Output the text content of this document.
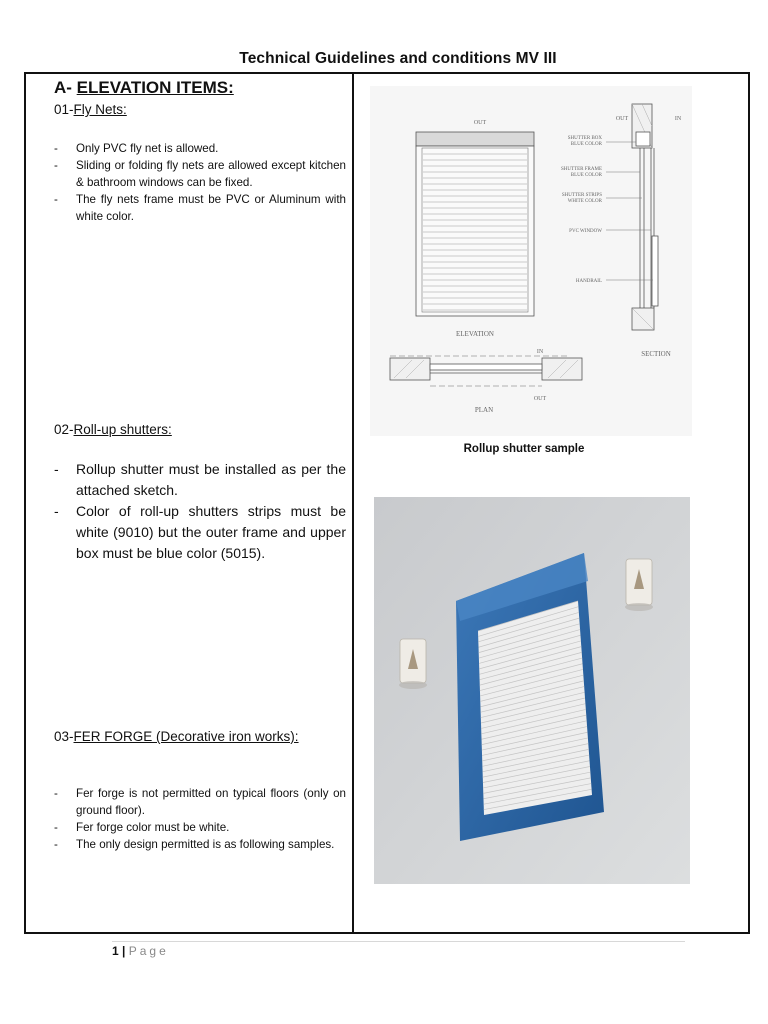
Technical Guidelines and conditions MV III
A- ELEVATION ITEMS:
01-Fly Nets:
- Only PVC fly net is allowed.
- Sliding or folding fly nets are allowed except kitchen & bathroom windows can be fixed.
- The fly nets frame must be PVC or Aluminum with white color.
02-Roll-up shutters:
- Rollup shutter must be installed as per the attached sketch.
- Color of roll-up shutters strips must be white (9010) but the outer frame and upper box must be blue color (5015).
03-FER FORGE (Decorative iron works):
- Fer forge is not permitted on typical floors (only on ground floor).
- Fer forge color must be white.
- The only design permitted is as following samples.
OUT
ELEVATION
OUT	IN
SHUTTER BOX
BLUE COLOR
SHUTTER FRAME
BLUE COLOR
SHUTTER STRIPS
WHITE COLOR
PVC WINDOW
HANDRAIL
SECTION
IN
OUT
PLAN
Rollup shutter sample
1 | Page
